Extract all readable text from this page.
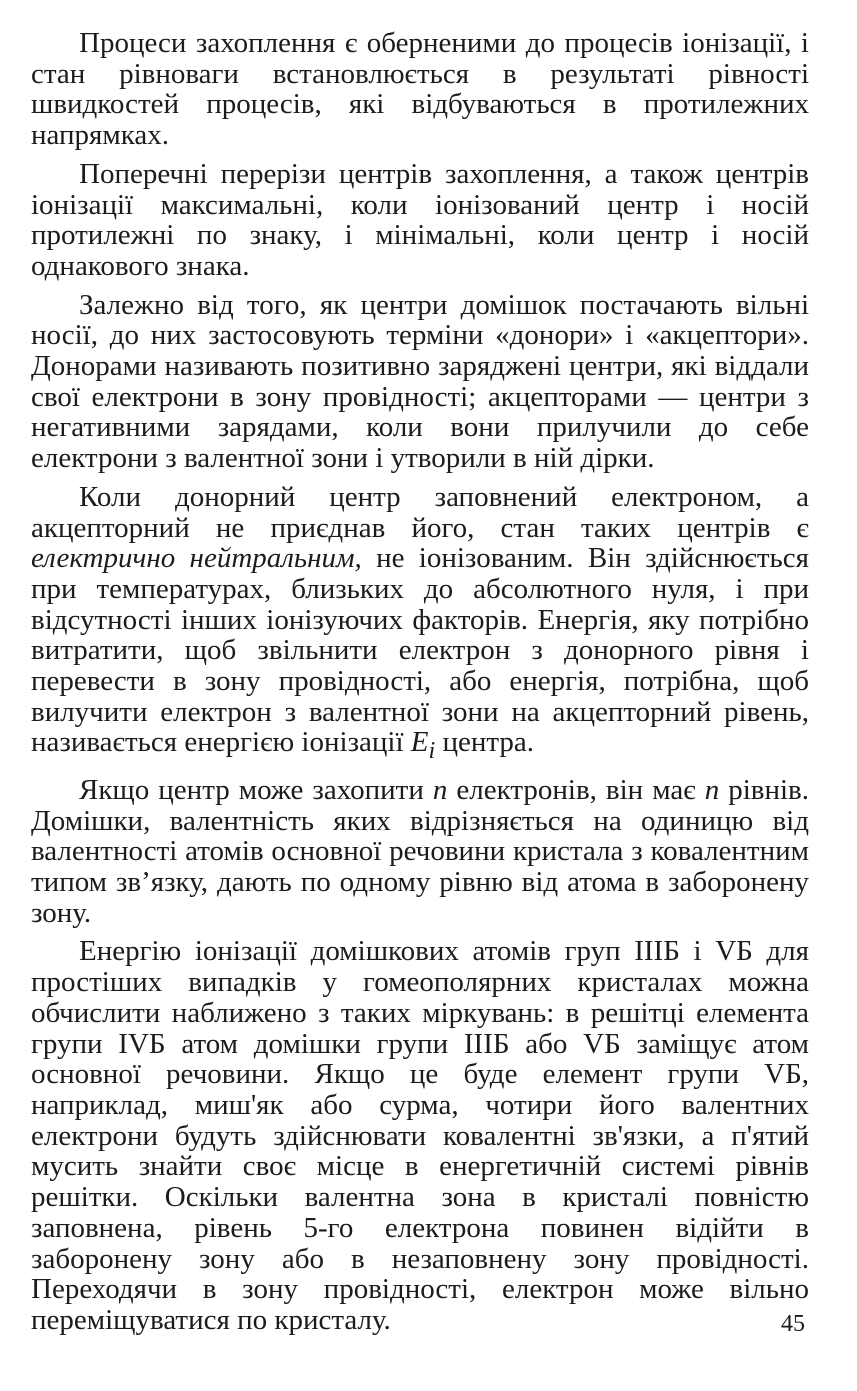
Процеси захоплення є оберненими до процесів іонізації, і стан рівноваги встановлюється в результаті рівності швидкостей процесів, які відбуваються в протилежних напрямках.

Поперечні перерізи центрів захоплення, а також центрів іонізації максимальні, коли іонізований центр і носій протилежні по знаку, і мінімальні, коли центр і носій однакового знака.

Залежно від того, як центри домішок постачають вільні носії, до них застосовують терміни «донори» і «акцептори». Донорами називають позитивно заряджені центри, які віддали свої електрони в зону провідності; акцепторами — центри з негативними зарядами, коли вони прилучили до себе електрони з валентної зони і утворили в ній дірки.

Коли донорний центр заповнений електроном, а акцепторний не приєднав його, стан таких центрів є електрично нейтральним, не іонізованим. Він здійснюється при температурах, близьких до абсолютного нуля, і при відсутності інших іонізуючих факторів. Енергія, яку потрібно витратити, щоб звільнити електрон з донорного рівня і перевести в зону провідності, або енергія, потрібна, щоб вилучити електрон з валентної зони на акцепторний рівень, називається енергією іонізації $E_i$ центра.

Якщо центр може захопити n електронів, він має n рівнів. Домішки, валентність яких відрізняється на одиницю від валентності атомів основної речовини кристала з ковалентним типом зв’язку, дають по одному рівню від атома в заборонену зону.

Енергію іонізації домішкових атомів груп ІІІБ і VБ для простіших випадків у гомеополярних кристалах можна обчислити наближено з таких міркувань: в решітці елемента групи IVБ атом домішки групи ІІІБ або VБ заміщує атом основної речовини. Якщо це буде елемент групи VБ, наприклад, миш'як або сурма, чотири його валентних електрони будуть здійснювати ковалентні зв'язки, а п'ятий мусить знайти своє місце в енергетичній системі рівнів решітки. Оскільки валентна зона в кристалі повністю заповнена, рівень 5-го електрона повинен відійти в заборонену зону або в незаповнену зону провідності. Переходячи в зону провідності, електрон може вільно переміщуватися по кристалу.	45
